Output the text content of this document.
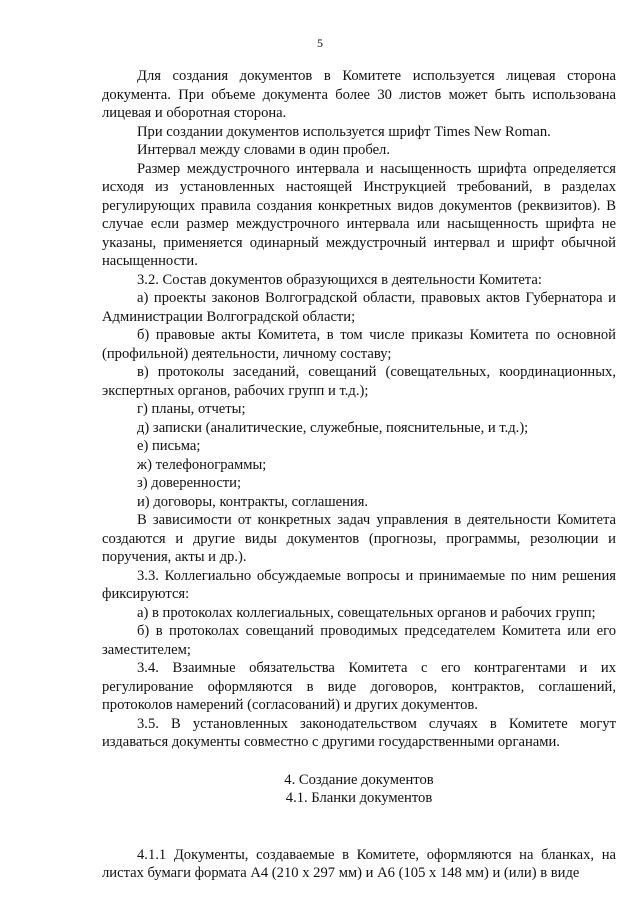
5

Для создания документов в Комитете используется лицевая сторона документа. При объеме документа более 30 листов может быть использована лицевая и оборотная сторона.

При создании документов используется шрифт Times New Roman.

Интервал между словами в один пробел.

Размер междустрочного интервала и насыщенность шрифта определяется исходя из установленных настоящей Инструкцией требований, в разделах регулирующих правила создания конкретных видов документов (реквизитов). В случае если размер междустрочного интервала или насыщенность шрифта не указаны, применяется одинарный междустрочный интервал и шрифт обычной насыщенности.

3.2. Состав документов образующихся в деятельности Комитета:

а) проекты законов Волгоградской области, правовых актов Губернатора и Администрации Волгоградской области;

б) правовые акты Комитета, в том числе приказы Комитета по основной (профильной) деятельности, личному составу;

в) протоколы заседаний, совещаний (совещательных, координационных, экспертных органов, рабочих групп и т.д.);

г) планы, отчеты;

д) записки (аналитические, служебные, пояснительные, и т.д.);

е) письма;

ж) телефонограммы;

з) доверенности;

и) договоры, контракты, соглашения.

В зависимости от конкретных задач управления в деятельности Комитета создаются и другие виды документов (прогнозы, программы, резолюции и поручения, акты и др.).

3.3. Коллегиально обсуждаемые вопросы и принимаемые по ним решения фиксируются:

а) в протоколах коллегиальных, совещательных органов и рабочих групп;

б) в протоколах совещаний проводимых председателем Комитета или его заместителем;

3.4. Взаимные обязательства Комитета с его контрагентами и их регулирование оформляются в виде договоров, контрактов, соглашений, протоколов намерений (согласований) и других документов.

3.5. В установленных законодательством случаях в Комитете могут издаваться документы совместно с другими государственными органами.

4. Создание документов

4.1. Бланки документов

4.1.1 Документы, создаваемые в Комитете, оформляются на бланках, на листах бумаги формата А4 (210 х 297 мм) и А6 (105 х 148 мм) и (или) в виде
